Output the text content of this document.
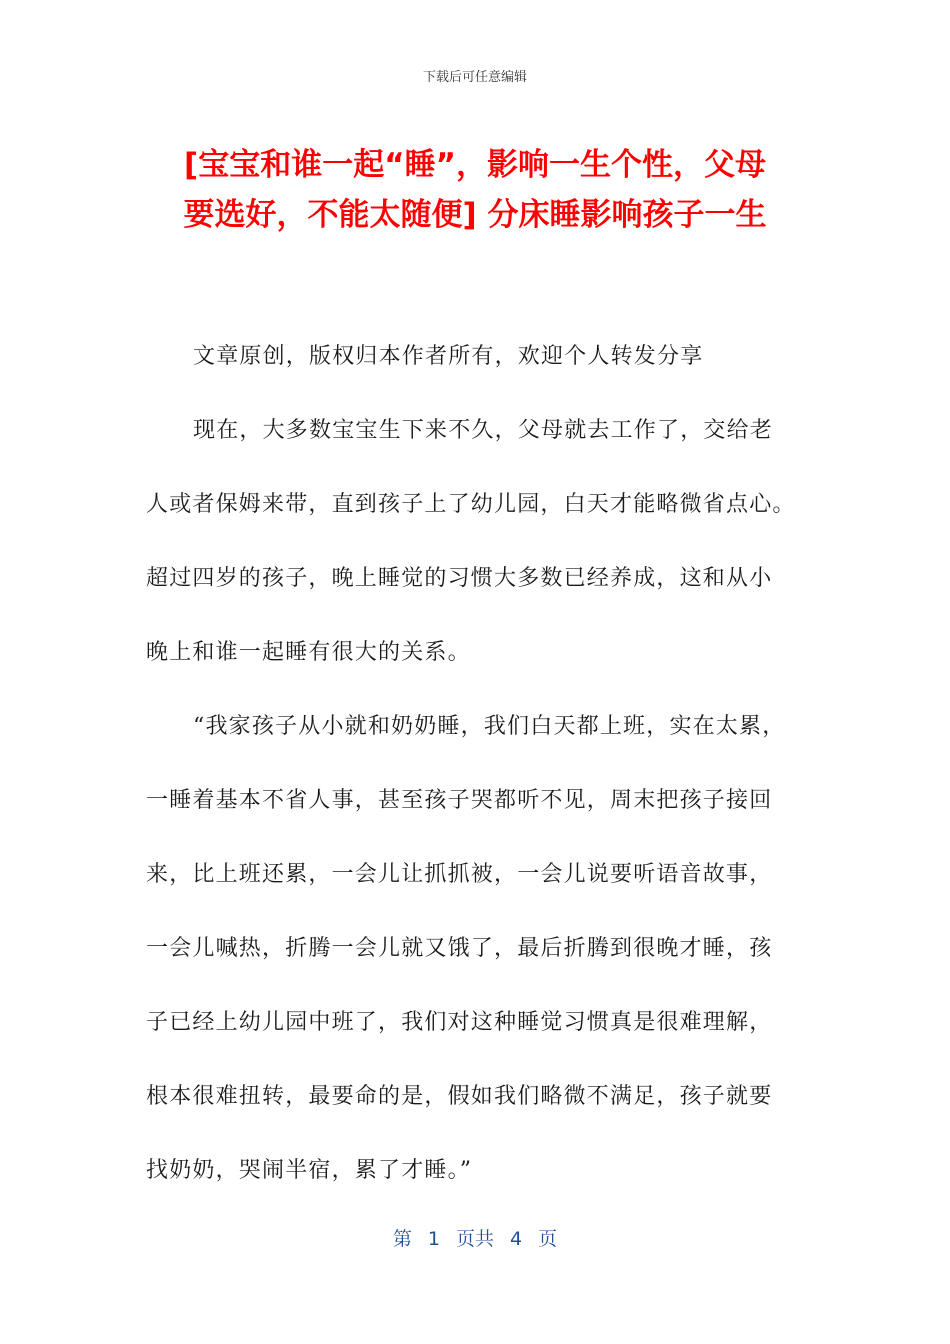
下载后可任意编辑
[宝宝和谁一起“睡”，影响一生个性，父母
要选好，不能太随便] 分床睡影响孩子一生

文章原创，版权归本作者所有，欢迎个人转发分享

现在，大多数宝宝生下来不久，父母就去工作了，交给老
人或者保姆来带，直到孩子上了幼儿园，白天才能略微省点心。
超过四岁的孩子，晚上睡觉的习惯大多数已经养成，这和从小
晚上和谁一起睡有很大的关系。

“我家孩子从小就和奶奶睡，我们白天都上班，实在太累，
一睡着基本不省人事，甚至孩子哭都听不见，周末把孩子接回
来，比上班还累，一会儿让抓抓被，一会儿说要听语音故事，
一会儿喊热，折腾一会儿就又饿了，最后折腾到很晚才睡，孩
子已经上幼儿园中班了，我们对这种睡觉习惯真是很难理解，
根本很难扭转，最要命的是，假如我们略微不满足，孩子就要
找奶奶，哭闹半宿，累了才睡。”

第 1 页共 4 页
